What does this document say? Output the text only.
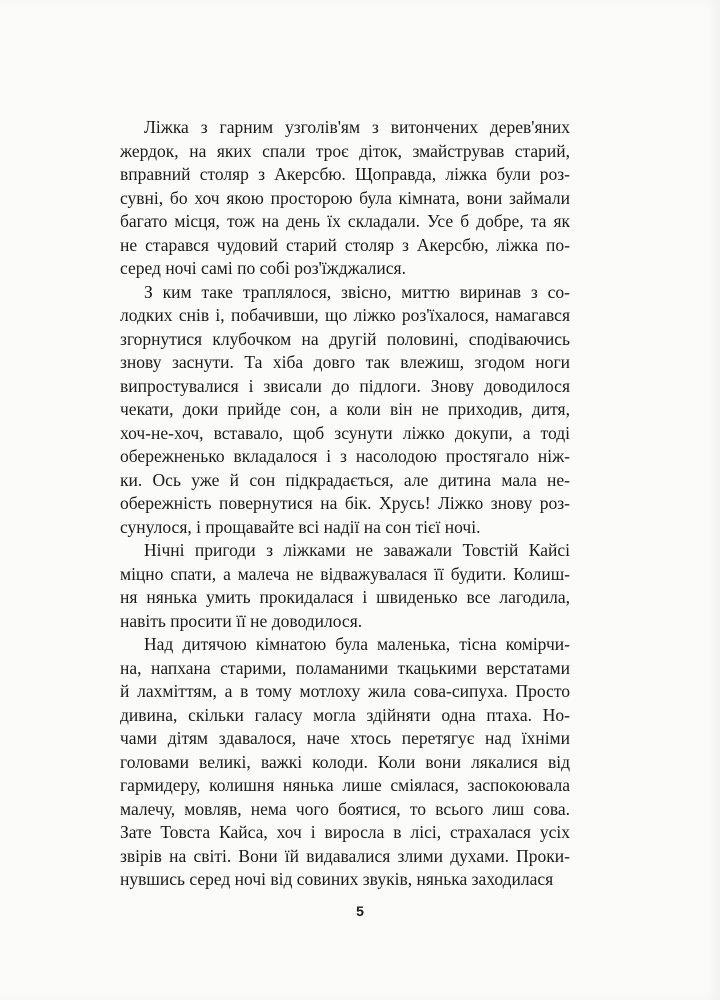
Ліжка з гарним узголів'ям з витончених дерев'яних
жердок, на яких спали троє діток, змайстрував старий,
вправний столяр з Акерсбю. Щоправда, ліжка були роз-
сувні, бо хоч якою просторою була кімната, вони займали
багато місця, тож на день їх складали. Усе б добре, та як
не старався чудовий старий столяр з Акерсбю, ліжка по-
серед ночі самі по собі роз'їжджалися.

З ким таке траплялося, звісно, миттю виринав з со-
лодких снів і, побачивши, що ліжко роз'їхалося, намагався
згорнутися клубочком на другій половині, сподіваючись
знову заснути. Та хіба довго так влежиш, згодом ноги
випростувалися і звисали до підлоги. Знову доводилося
чекати, доки прийде сон, а коли він не приходив, дитя,
хоч-не-хоч, вставало, щоб зсунути ліжко докупи, а тоді
обережненько вкладалося і з насолодою простягало ніж-
ки. Ось уже й сон підкрадається, але дитина мала не-
обережність повернутися на бік. Хрусь! Ліжко знову роз-
сунулося, і прощавайте всі надії на сон тієї ночі.

Нічні пригоди з ліжками не заважали Товстій Кайсі
міцно спати, а малеча не відважувалася її будити. Колиш-
ня нянька умить прокидалася і швиденько все лагодила,
навіть просити її не доводилося.

Над дитячою кімнатою була маленька, тісна комірчи-
на, напхана старими, поламаними ткацькими верстатами
й лахміттям, а в тому мотлоху жила сова-сипуха. Просто
дивина, скільки галасу могла здійняти одна птаха. Но-
чами дітям здавалося, наче хтось перетягує над їхніми
головами великі, важкі колоди. Коли вони лякалися від
гармидеру, колишня нянька лише сміялася, заспокоювала
малечу, мовляв, нема чого боятися, то всього лиш сова.
Зате Товста Кайса, хоч і виросла в лісі, страхалася усіх
звірів на світі. Вони їй видавалися злими духами. Проки-
нувшись серед ночі від совиних звуків, нянька заходилася

5
